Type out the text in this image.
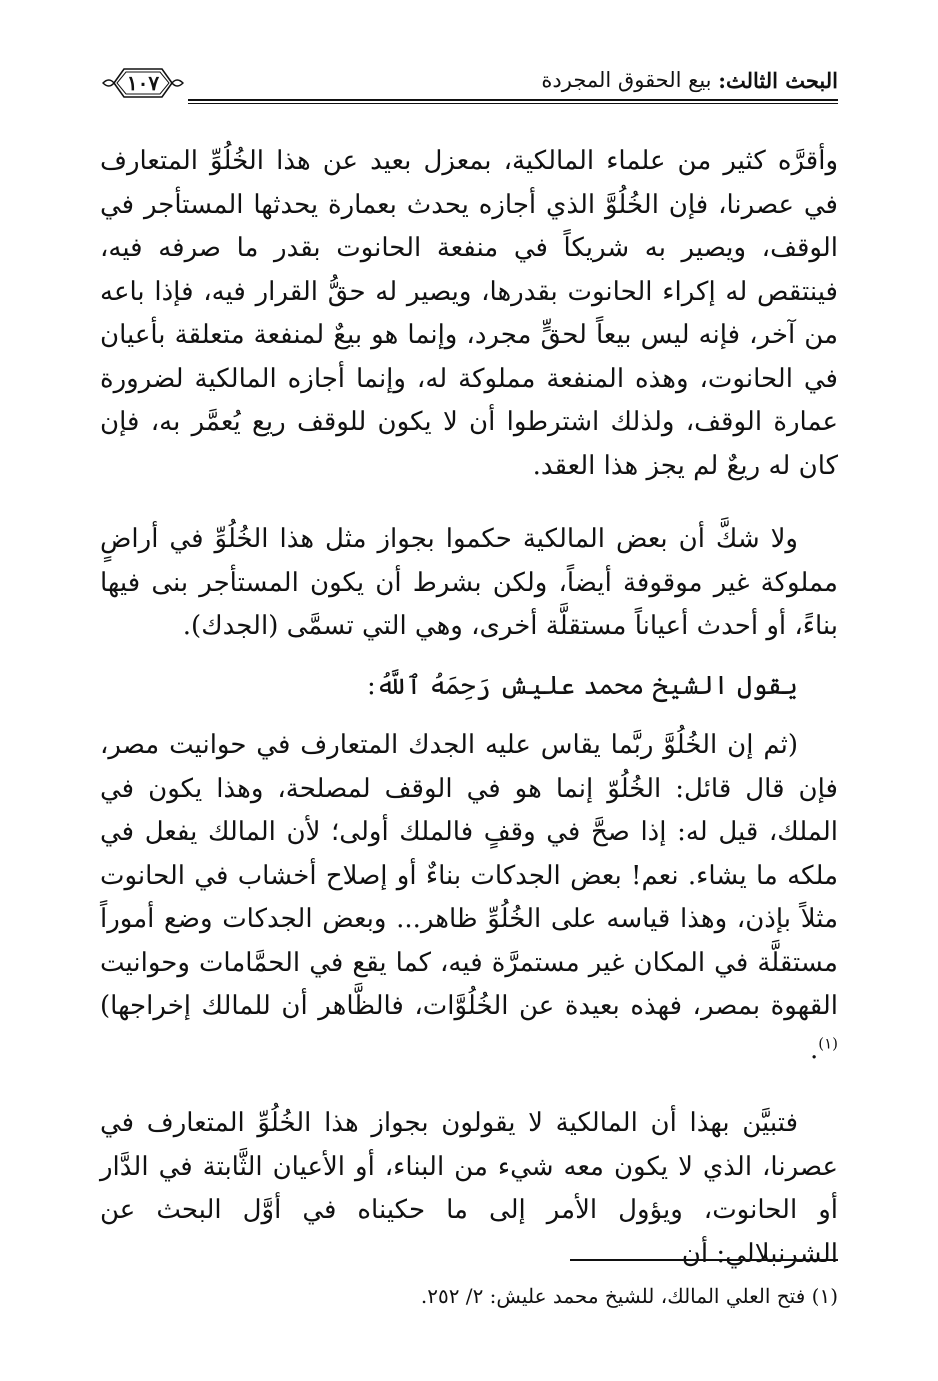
البحث الثالث:

بيع الحقوق المجردة
١٠٧

وأقرَّه كثير من علماء المالكية، بمعزل بعيد عن هذا الخُلُوِّ المتعارف في عصرنا، فإن الخُلُوَّ الذي أجازه يحدث بعمارة يحدثها المستأجر في الوقف، ويصير به شريكاً في منفعة الحانوت بقدر ما صرفه فيه، فينتقص له إكراء الحانوت بقدرها، ويصير له حقُّ القرار فيه، فإذا باعه من آخر، فإنه ليس بيعاً لحقٍّ مجرد، وإنما هو بيعٌ لمنفعة متعلقة بأعيان في الحانوت، وهذه المنفعة مملوكة له، وإنما أجازه المالكية لضرورة عمارة الوقف، ولذلك اشترطوا أن لا يكون للوقف ريع يُعمَّر به، فإن كان له ريعٌ لم يجز هذا العقد.

ولا شكَّ أن بعض المالكية حكموا بجواز مثل هذا الخُلُوِّ في أراضٍ مملوكة غير موقوفة أيضاً، ولكن بشرط أن يكون المستأجر بنى فيها بناءً، أو أحدث أعياناً مستقلَّة أخرى، وهي التي تسمَّى (الجدك).

يقول الشيخ محمد عليش رَحِمَهُ ٱللَّهُ:

(ثم إن الخُلُوَّ ربَّما يقاس عليه الجدك المتعارف في حوانيت مصر، فإن قال قائل: الخُلُوّ إنما هو في الوقف لمصلحة، وهذا يكون في الملك، قيل له: إذا صحَّ في وقفٍ فالملك أولى؛ لأن المالك يفعل في ملكه ما يشاء. نعم! بعض الجدكات بناءٌ أو إصلاح أخشاب في الحانوت مثلاً بإذن، وهذا قياسه على الخُلُوِّ ظاهر... وبعض الجدكات وضع أموراً مستقلَّة في المكان غير مستمرَّة فيه، كما يقع في الحمَّامات وحوانيت القهوة بمصر، فهذه بعيدة عن الخُلُوَّات، فالظَّاهر أن للمالك إخراجها)$^{(١)}$.

فتبيَّن بهذا أن المالكية لا يقولون بجواز هذا الخُلُوِّ المتعارف في عصرنا، الذي لا يكون معه شيء من البناء، أو الأعيان الثَّابتة في الدَّار أو الحانوت، ويؤول الأمر إلى ما حكيناه في أوَّل البحث عن الشرنبلالي: أن

(١) فتح العلي المالك، للشيخ محمد عليش: ٢/ ٢٥٢.
